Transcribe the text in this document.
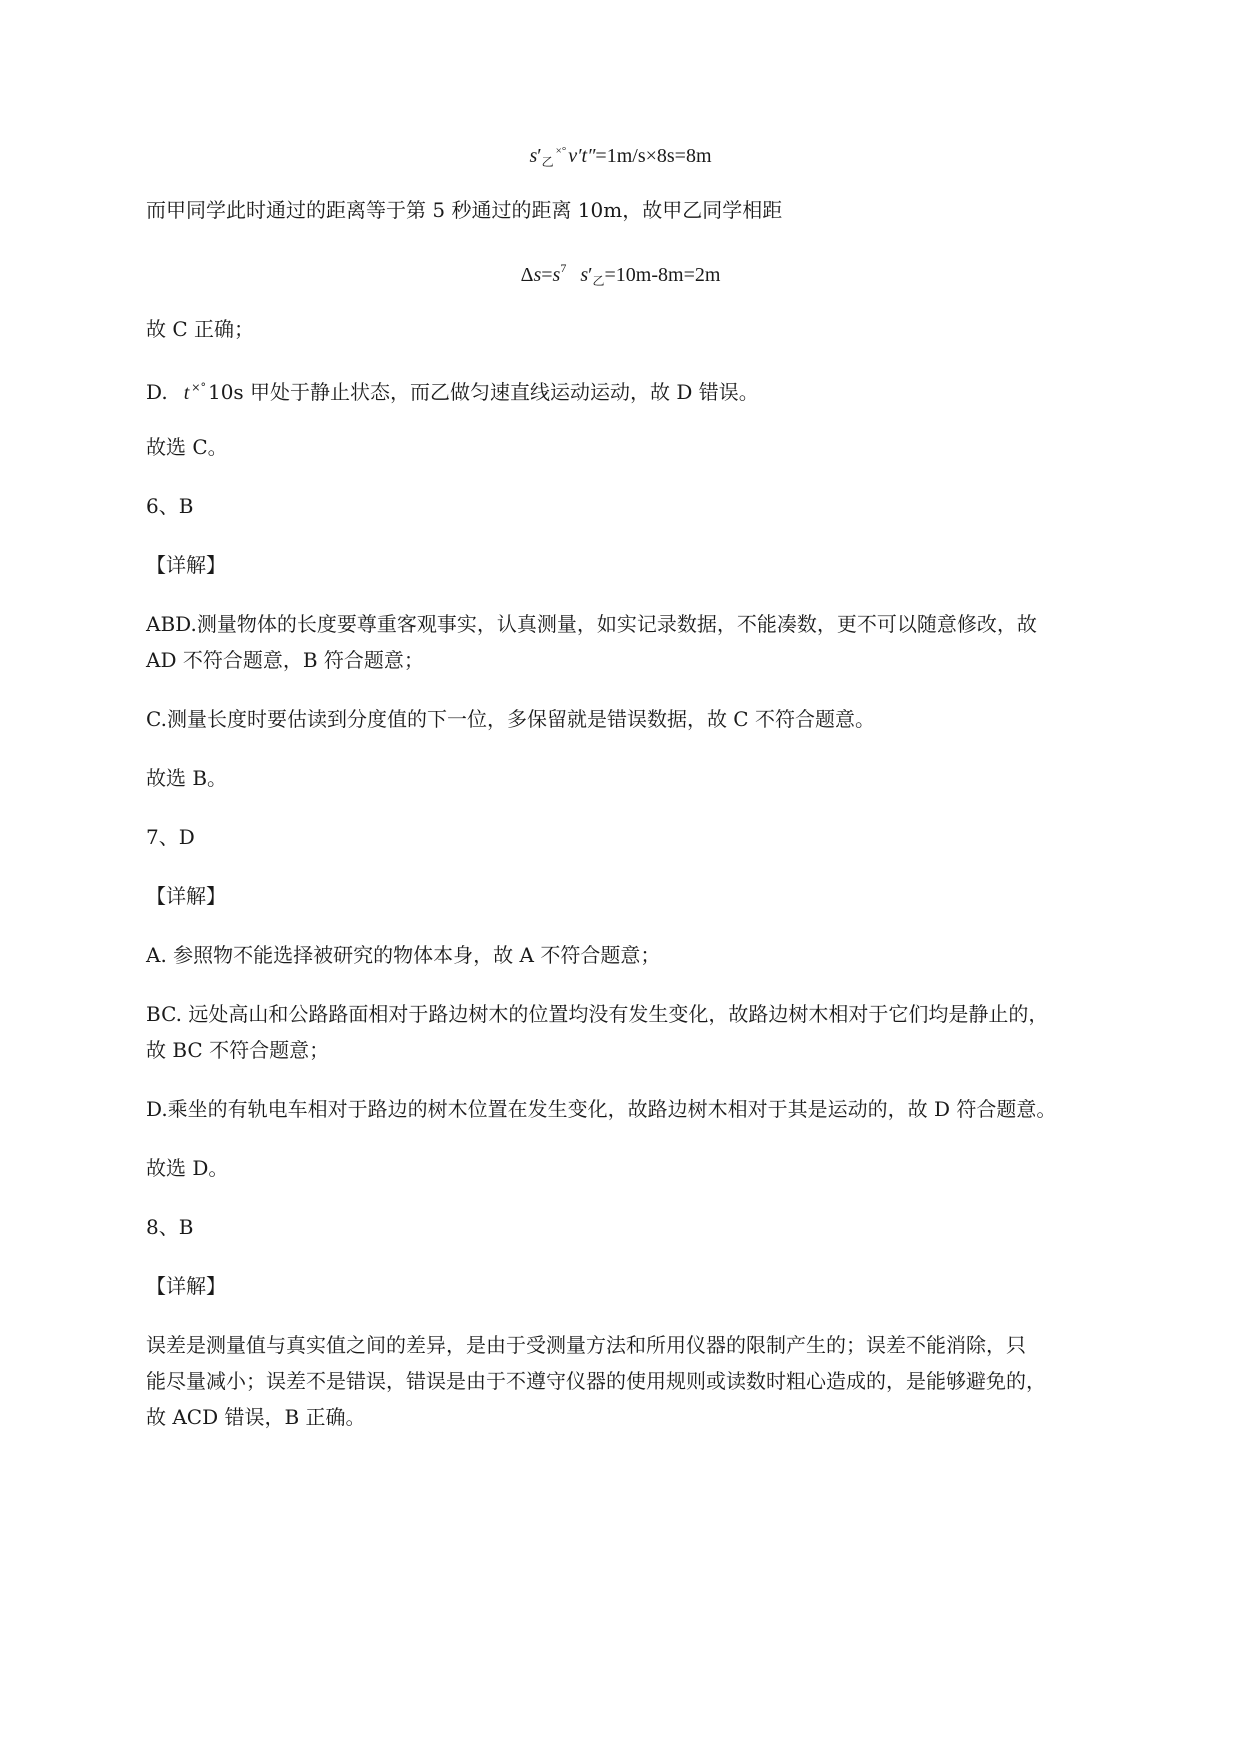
$s'_乙^{\times^\circ}$ v′t″=1m/s×8s=8m
而甲同学此时通过的距离等于第 5 秒通过的距离 10m，故甲乙同学相距
$\Delta s=s^7$ $s'_乙=10m-8m=2m$
故 C 正确；
D. t ×° 10s 甲处于静止状态，而乙做匀速直线运动运动，故 D 错误。
故选 C。
6、B
【详解】
ABD.测量物体的长度要尊重客观事实，认真测量，如实记录数据，不能凑数，更不可以随意修改，故
AD 不符合题意，B 符合题意；
C.测量长度时要估读到分度值的下一位，多保留就是错误数据，故 C 不符合题意。
故选 B。
7、D
【详解】
A. 参照物不能选择被研究的物体本身，故 A 不符合题意；
BC. 远处高山和公路路面相对于路边树木的位置均没有发生变化，故路边树木相对于它们均是静止的，
故 BC 不符合题意；
D.乘坐的有轨电车相对于路边的树木位置在发生变化，故路边树木相对于其是运动的，故 D 符合题意。
故选 D。
8、B
【详解】
误差是测量值与真实值之间的差异，是由于受测量方法和所用仪器的限制产生的；误差不能消除，只
能尽量减小；误差不是错误，错误是由于不遵守仪器的使用规则或读数时粗心造成的，是能够避免的，
故 ACD 错误，B 正确。
